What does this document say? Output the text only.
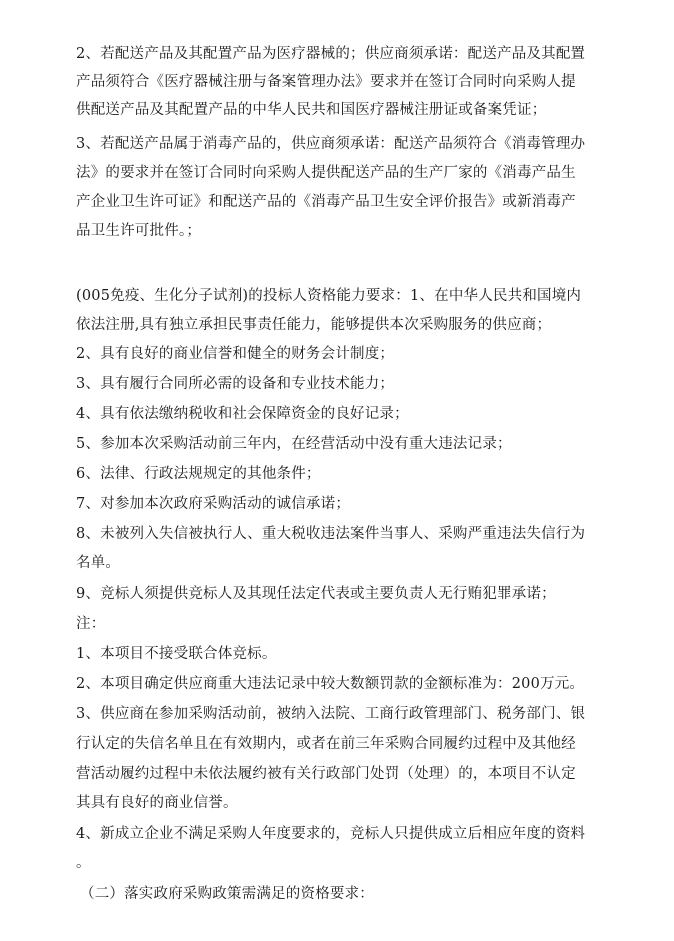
2、若配送产品及其配置产品为医疗器械的；供应商须承诺：配送产品及其配置
产品须符合《医疗器械注册与备案管理办法》要求并在签订合同时向采购人提
供配送产品及其配置产品的中华人民共和国医疗器械注册证或备案凭证；
3、若配送产品属于消毒产品的，供应商须承诺：配送产品须符合《消毒管理办
法》的要求并在签订合同时向采购人提供配送产品的生产厂家的《消毒产品生
产企业卫生许可证》和配送产品的《消毒产品卫生安全评价报告》或新消毒产
品卫生许可批件。；
(005免疫、生化分子试剂)的投标人资格能力要求：1、在中华人民共和国境内
依法注册,具有独立承担民事责任能力，能够提供本次采购服务的供应商；
2、具有良好的商业信誉和健全的财务会计制度；
3、具有履行合同所必需的设备和专业技术能力；
4、具有依法缴纳税收和社会保障资金的良好记录；
5、参加本次采购活动前三年内，在经营活动中没有重大违法记录；
6、法律、行政法规规定的其他条件；
7、对参加本次政府采购活动的诚信承诺；
8、未被列入失信被执行人、重大税收违法案件当事人、采购严重违法失信行为
名单。
9、竞标人须提供竞标人及其现任法定代表或主要负责人无行贿犯罪承诺；
注：
1、本项目不接受联合体竞标。
2、本项目确定供应商重大违法记录中较大数额罚款的金额标准为：200万元。
3、供应商在参加采购活动前，被纳入法院、工商行政管理部门、税务部门、银
行认定的失信名单且在有效期内，或者在前三年采购合同履约过程中及其他经
营活动履约过程中未依法履约被有关行政部门处罚（处理）的，本项目不认定
其具有良好的商业信誉。
4、新成立企业不满足采购人年度要求的，竞标人只提供成立后相应年度的资料
。
（二）落实政府采购政策需满足的资格要求：
